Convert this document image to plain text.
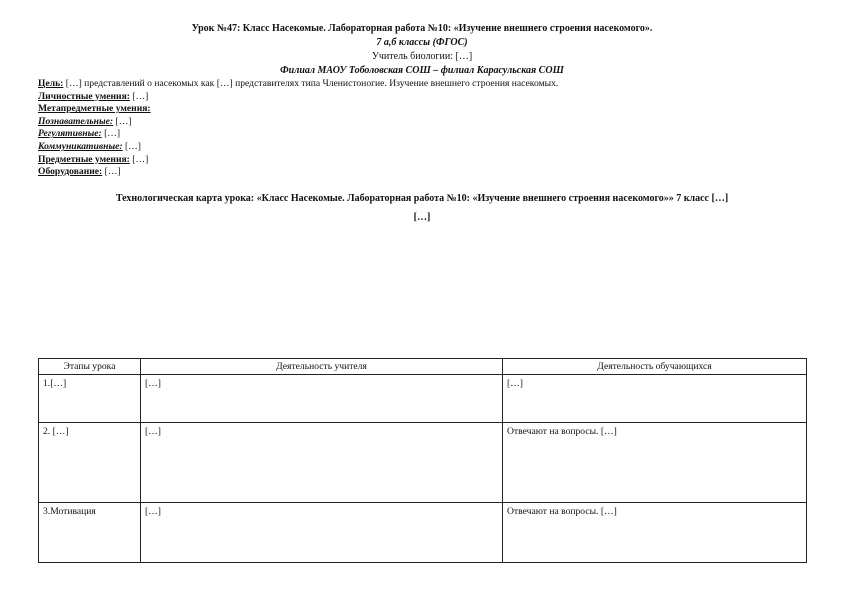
Урок №47: Класс Насекомые. Лабораторная работа №10: «Изучение внешнего строения насекомого».

7 а,б классы (ФГОС)

Учитель биологии: […]

Филиал МАОУ Тоболовская СОШ – филиал Карасульская СОШ

Цель: […] представлений о насекомых как […] представителях типа Членистоногие. Изучение внешнего строения насекомых.

Личностные умения: […]

Метапредметные умения:

Познавательные: […]

Регулятивные: […]

Коммуникативные: […]

Предметные умения: […]

Оборудование: […]

Технологическая карта урока: «Класс Насекомые. Лабораторная работа №10: «Изучение внешнего строения насекомого»» 7 класс […]

[…]

Этапы урока	Деятельность учителя	Деятельность обучающихся
1.[…]	[…]	[…]
2. […]	[…]	Отвечают на вопросы. […]
3.Мотивация	[…]	Отвечают на вопросы. […]
